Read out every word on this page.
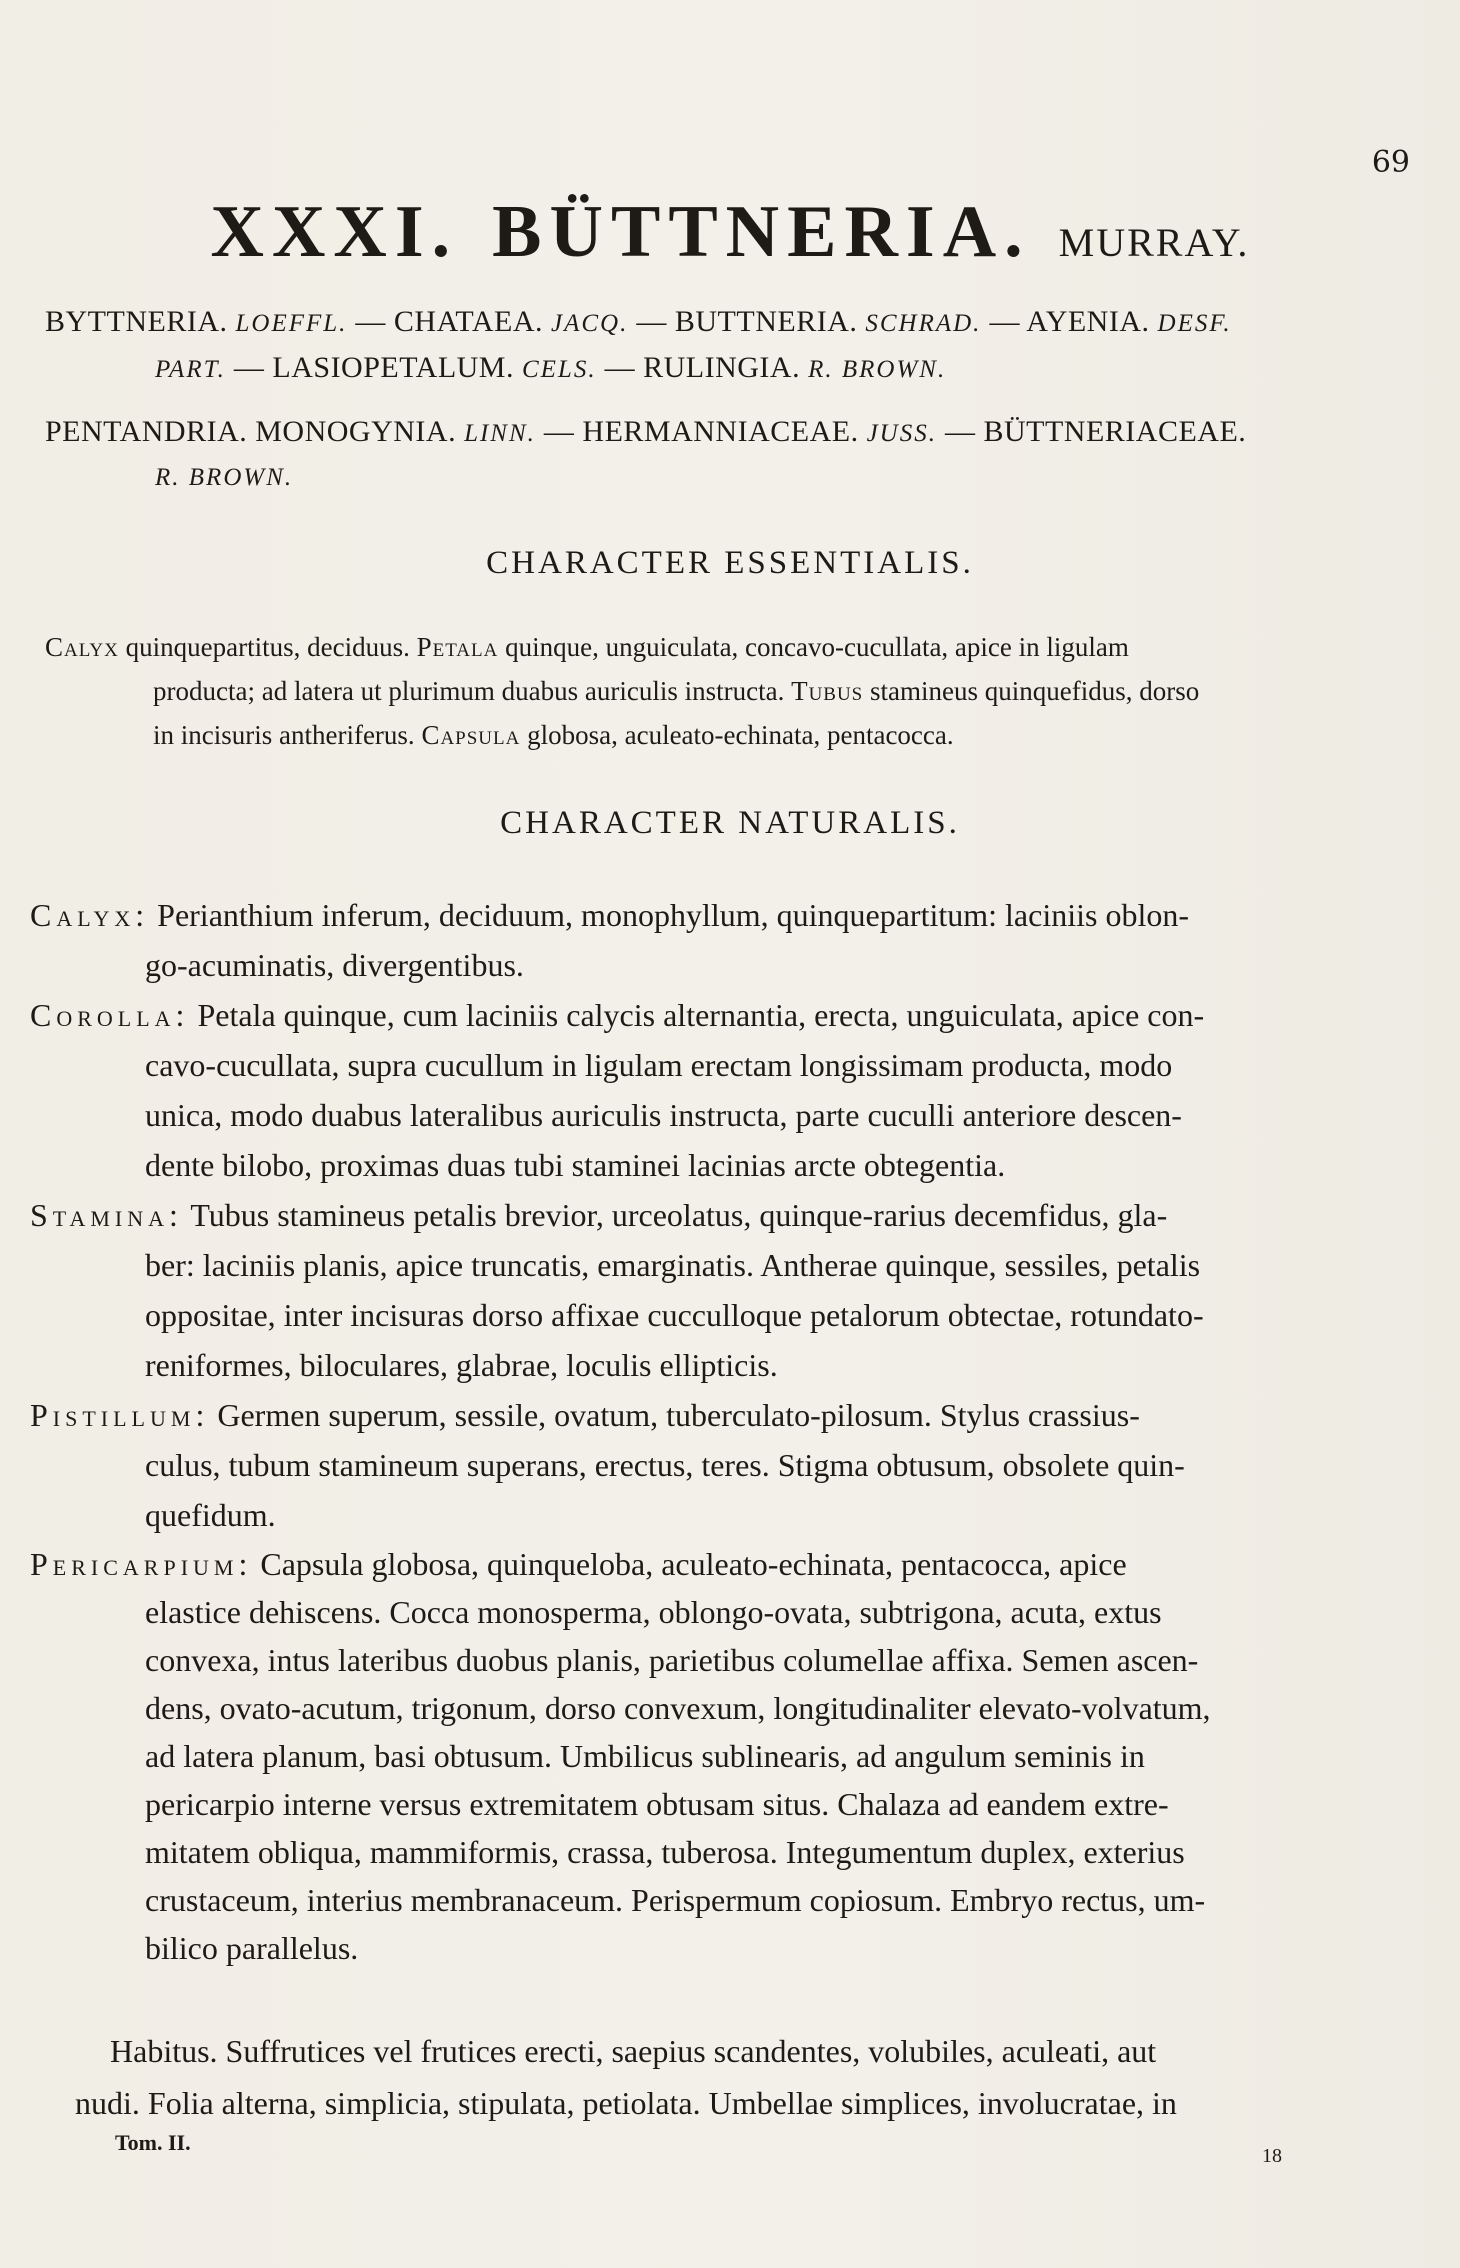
69
XXXI. BÜTTNERIA. MURRAY.
BYTTNERIA. LOEFFL. — CHATAEA. JACQ. — BUTTNERIA. SCHRAD. — AYENIA. DESF.
PART. — LASIOPETALUM. CELS. — RULINGIA. R. BROWN.
PENTANDRIA. MONOGYNIA. LINN. — HERMANNIACEAE. JUSS. — BÜTTNERIACEAE.
R. BROWN.
CHARACTER ESSENTIALIS.
Calyx quinquepartitus, deciduus. Petala quinque, unguiculata, concavo-cucullata, apice in ligulam
producta; ad latera ut plurimum duabus auriculis instructa. Tubus stamineus quinquefidus, dorso
in incisuris antheriferus. Capsula globosa, aculeato-echinata, pentacocca.
CHARACTER NATURALIS.
Calyx: Perianthium inferum, deciduum, monophyllum, quinquepartitum: laciniis oblon-
go-acuminatis, divergentibus.
Corolla: Petala quinque, cum laciniis calycis alternantia, erecta, unguiculata, apice con-
cavo-cucullata, supra cucullum in ligulam erectam longissimam producta, modo
unica, modo duabus lateralibus auriculis instructa, parte cuculli anteriore descen-
dente bilobo, proximas duas tubi staminei lacinias arcte obtegentia.
Stamina: Tubus stamineus petalis brevior, urceolatus, quinque-rarius decemfidus, gla-
ber: laciniis planis, apice truncatis, emarginatis. Antherae quinque, sessiles, petalis
oppositae, inter incisuras dorso affixae cucculloque petalorum obtectae, rotundato-
reniformes, biloculares, glabrae, loculis ellipticis.
Pistillum: Germen superum, sessile, ovatum, tuberculato-pilosum. Stylus crassius-
culus, tubum stamineum superans, erectus, teres. Stigma obtusum, obsolete quin-
quefidum.
Pericarpium: Capsula globosa, quinqueloba, aculeato-echinata, pentacocca, apice
elastice dehiscens. Cocca monosperma, oblongo-ovata, subtrigona, acuta, extus
convexa, intus lateribus duobus planis, parietibus columellae affixa. Semen ascen-
dens, ovato-acutum, trigonum, dorso convexum, longitudinaliter elevato-volvatum,
ad latera planum, basi obtusum. Umbilicus sublinearis, ad angulum seminis in
pericarpio interne versus extremitatem obtusam situs. Chalaza ad eandem extre-
mitatem obliqua, mammiformis, crassa, tuberosa. Integumentum duplex, exterius
crustaceum, interius membranaceum. Perispermum copiosum. Embryo rectus, um-
bilico parallelus.
Habitus. Suffrutices vel frutices erecti, saepius scandentes, volubiles, aculeati, aut
nudi. Folia alterna, simplicia, stipulata, petiolata. Umbellae simplices, involucratae, in
Tom. II.
18
